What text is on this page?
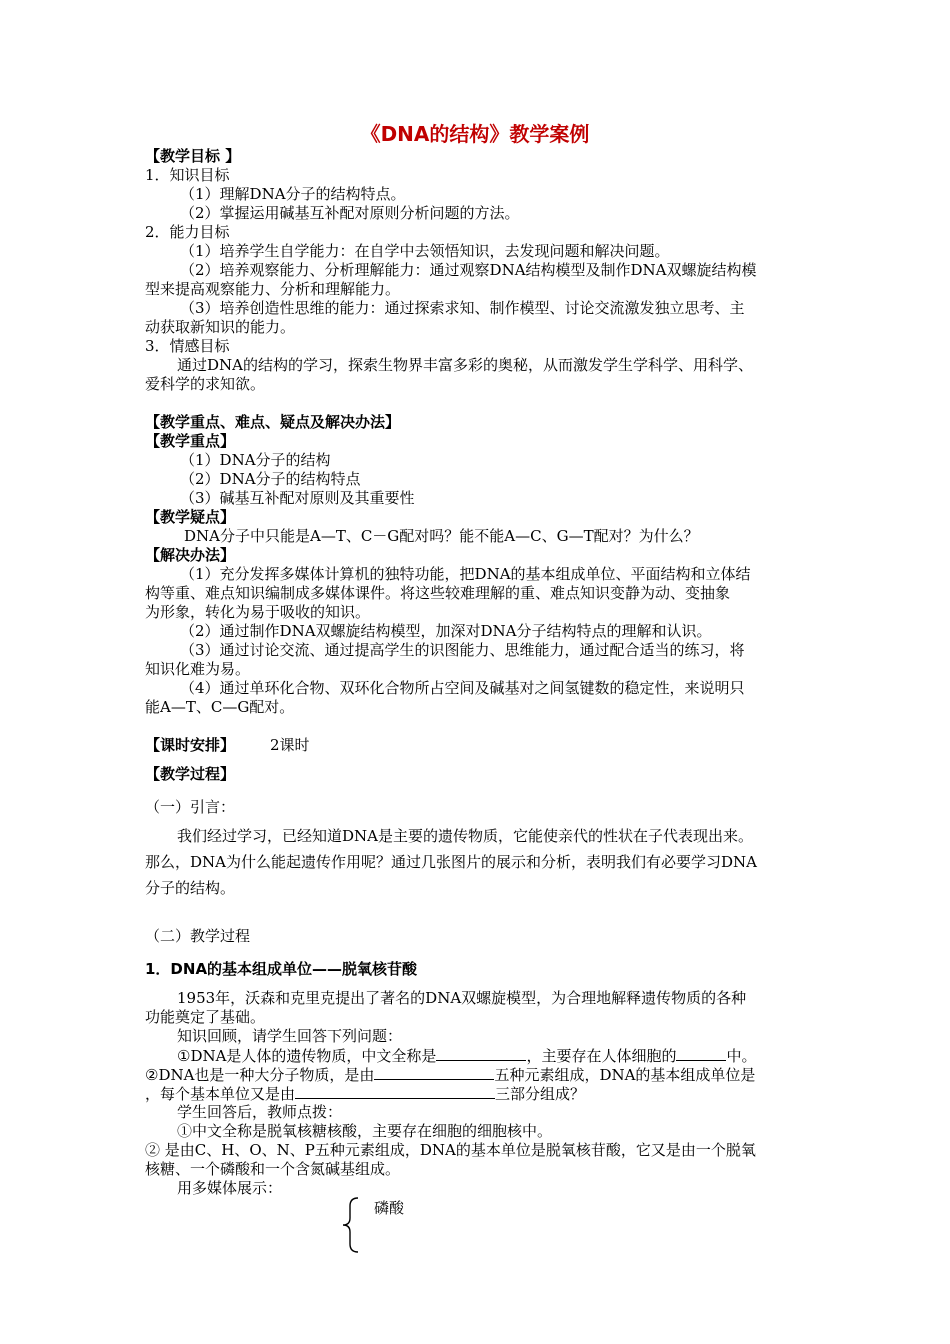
《DNA的结构》教学案例
【教学目标 】
1．知识目标
（1）理解DNA分子的结构特点。
（2）掌握运用碱基互补配对原则分析问题的方法。
2．能力目标
（1）培养学生自学能力：在自学中去领悟知识，去发现问题和解决问题。
（2）培养观察能力、分析理解能力：通过观察DNA结构模型及制作DNA双螺旋结构模
型来提高观察能力、分析和理解能力。
（3）培养创造性思维的能力：通过探索求知、制作模型、讨论交流激发独立思考、主
动获取新知识的能力。
3．情感目标
通过DNA的结构的学习，探索生物界丰富多彩的奥秘，从而激发学生学科学、用科学、
爱科学的求知欲。
【教学重点、难点、疑点及解决办法】
【教学重点】
（1）DNA分子的结构
（2）DNA分子的结构特点
（3）碱基互补配对原则及其重要性
【教学疑点】
DNA分子中只能是A—T、C－G配对吗？能不能A—C、G—T配对？为什么？
【解决办法】
（1）充分发挥多媒体计算机的独特功能，把DNA的基本组成单位、平面结构和立体结
构等重、难点知识编制成多媒体课件。将这些较难理解的重、难点知识变静为动、变抽象
为形象，转化为易于吸收的知识。
（2）通过制作DNA双螺旋结构模型，加深对DNA分子结构特点的理解和认识。
（3）通过讨论交流、通过提高学生的识图能力、思维能力，通过配合适当的练习，将
知识化难为易。
（4）通过单环化合物、双环化合物所占空间及碱基对之间氢键数的稳定性，来说明只
能A—T、C—G配对。
【课时安排】 2课时
【教学过程】
（一）引言：
我们经过学习，已经知道DNA是主要的遗传物质，它能使亲代的性状在子代表现出来。
那么，DNA为什么能起遗传作用呢？通过几张图片的展示和分析，表明我们有必要学习DNA
分子的结构。
（二）教学过程
1．DNA的基本组成单位——脱氧核苷酸
1953年，沃森和克里克提出了著名的DNA双螺旋模型，为合理地解释遗传物质的各种
功能奠定了基础。
知识回顾，请学生回答下列问题：
①DNA是人体的遗传物质，中文全称是	，主要存在人体细胞的	中。
②DNA也是一种大分子物质，是由	五种元素组成，DNA的基本组成单位是
，每个基本单位又是由	三部分组成？
学生回答后，教师点拨：
①中文全称是脱氧核糖核酸，主要存在细胞的细胞核中。
② 是由C、H、O、N、P五种元素组成，DNA的基本单位是脱氧核苷酸，它又是由一个脱氧
核糖、一个磷酸和一个含氮碱基组成。
用多媒体展示：
磷酸
